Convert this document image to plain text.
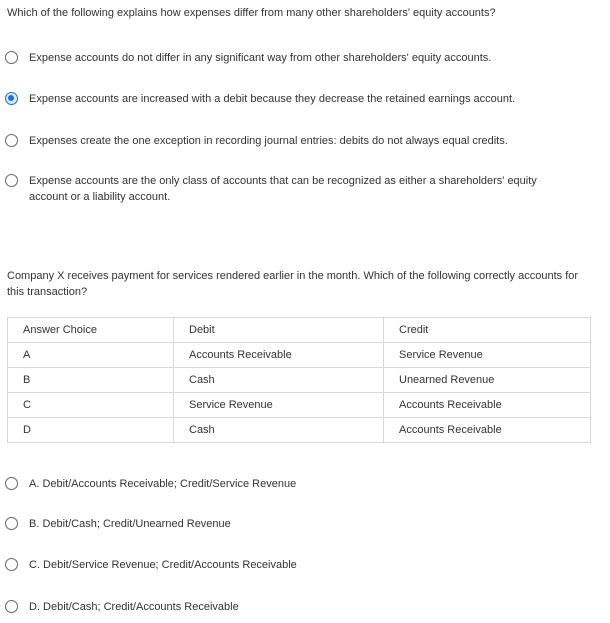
Which of the following explains how expenses differ from many other shareholders' equity accounts?
Expense accounts do not differ in any significant way from other shareholders' equity accounts.
Expense accounts are increased with a debit because they decrease the retained earnings account.
Expenses create the one exception in recording journal entries: debits do not always equal credits.
Expense accounts are the only class of accounts that can be recognized as either a shareholders' equity account or a liability account.
Company X receives payment for services rendered earlier in the month. Which of the following correctly accounts for this transaction?
Answer Choice	Debit	Credit
A	Accounts Receivable	Service Revenue
B	Cash	Unearned Revenue
C	Service Revenue	Accounts Receivable
D	Cash	Accounts Receivable
A. Debit/Accounts Receivable; Credit/Service Revenue
B. Debit/Cash; Credit/Unearned Revenue
C. Debit/Service Revenue; Credit/Accounts Receivable
D. Debit/Cash; Credit/Accounts Receivable
